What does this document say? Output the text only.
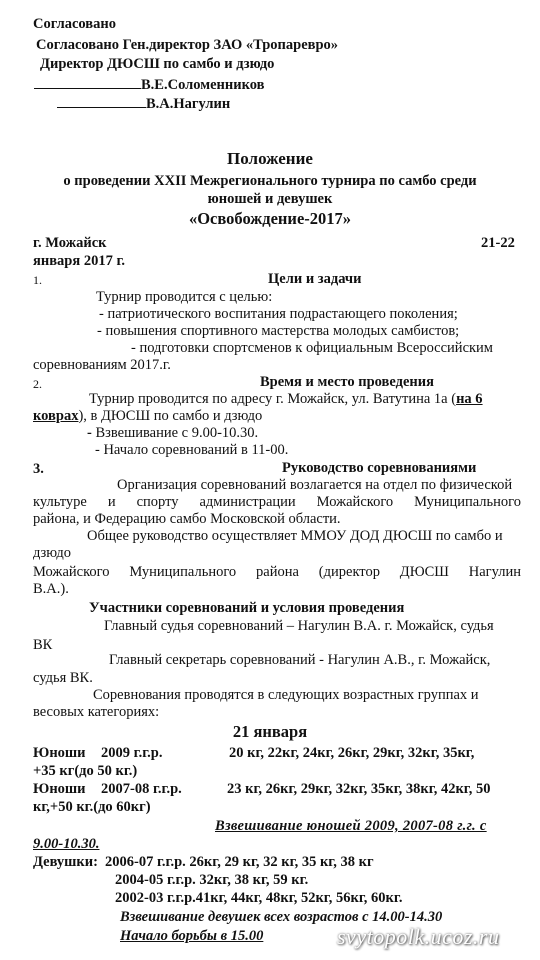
Согласовано
Согласовано Ген.директор ЗАО «Тропаревро»
Директор ДЮСШ по самбо и дзюдо
В.Е.Соломенников
В.А.Нагулин
Положение
о проведении XXII Межрегионального турнира по самбо среди
юношей и девушек
«Освобождение-2017»
г. Можайск	21-22
января 2017 г.
1.	Цели и задачи
Турнир проводится с целью:
- патриотического воспитания подрастающего поколения;
- повышения спортивного мастерства молодых самбистов;
- подготовки спортсменов к официальным Всероссийским
соревнованиям 2017.г.
2.	Время и место проведения
Турнир проводится по адресу г. Можайск, ул. Ватутина 1а (на 6
коврах), в ДЮСШ по самбо и дзюдо
- Взвешивание с 9.00-10.30.
- Начало соревнований в 11-00.
3.	Руководство соревнованиями
Организация соревнований возлагается на отдел по физической
культуре и спорту администрации Можайского Муниципального
района, и Федерацию самбо Московской области.
Общее руководство осуществляет ММОУ ДОД ДЮСШ по самбо и
дзюдо
Можайского Муниципального района (директор ДЮСШ Нагулин
В.А.).
Участники соревнований и условия проведения
Главный судья соревнований – Нагулин В.А. г. Можайск, судья
ВК
Главный секретарь соревнований - Нагулин А.В., г. Можайск,
судья ВК.
Соревнования проводятся в следующих возрастных группах и
весовых категориях:
21 января
Юноши 2009 г.г.р.	20 кг, 22кг, 24кг, 26кг, 29кг, 32кг, 35кг,
+35 кг(до 50 кг.)
Юноши 2007-08 г.г.р.	23 кг, 26кг, 29кг, 32кг, 35кг, 38кг, 42кг, 50
кг,+50 кг.(до 60кг)
Взвешивание юношей 2009, 2007-08 г.г. с
9.00-10.30.
Девушки: 2006-07 г.г.р. 26кг, 29 кг, 32 кг, 35 кг, 38 кг
2004-05 г.г.р. 32кг, 38 кг, 59 кг.
2002-03 г.г.р.41кг, 44кг, 48кг, 52кг, 56кг, 60кг.
Взвешивание девушек всех возрастов с 14.00-14.30
Начало борьбы в 15.00	svytopolk.ucoz.ru
